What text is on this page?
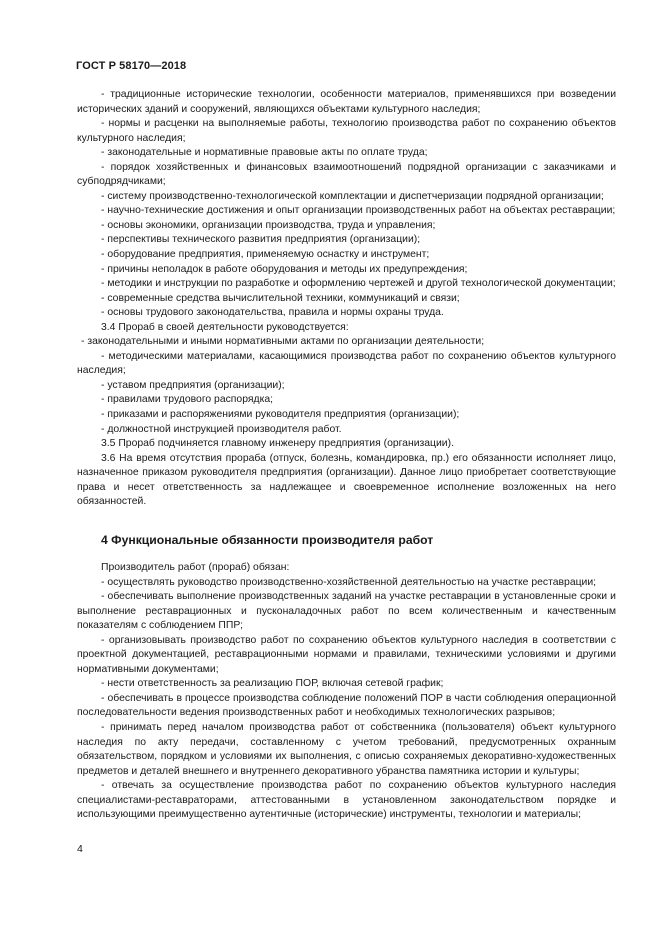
ГОСТ Р 58170—2018

- традиционные исторические технологии, особенности материалов, применявшихся при возведении исторических зданий и сооружений, являющихся объектами культурного наследия;

- нормы и расценки на выполняемые работы, технологию производства работ по сохранению объектов культурного наследия;

- законодательные и нормативные правовые акты по оплате труда;

- порядок хозяйственных и финансовых взаимоотношений подрядной организации с заказчиками и субподрядчиками;

- систему производственно-технологической комплектации и диспетчеризации подрядной организации;

- научно-технические достижения и опыт организации производственных работ на объектах реставрации;

- основы экономики, организации производства, труда и управления;

- перспективы технического развития предприятия (организации);

- оборудование предприятия, применяемую оснастку и инструмент;

- причины неполадок в работе оборудования и методы их предупреждения;

- методики и инструкции по разработке и оформлению чертежей и другой технологической документации;

- современные средства вычислительной техники, коммуникаций и связи;

- основы трудового законодательства, правила и нормы охраны труда.

3.4 Прораб в своей деятельности руководствуется:

- законодательными и иными нормативными актами по организации деятельности;

- методическими материалами, касающимися производства работ по сохранению объектов культурного наследия;

- уставом предприятия (организации);

- правилами трудового распорядка;

- приказами и распоряжениями руководителя предприятия (организации);

- должностной инструкцией производителя работ.

3.5 Прораб подчиняется главному инженеру предприятия (организации).

3.6 На время отсутствия прораба (отпуск, болезнь, командировка, пр.) его обязанности исполняет лицо, назначенное приказом руководителя предприятия (организации). Данное лицо приобретает соответствующие права и несет ответственность за надлежащее и своевременное исполнение возложенных на него обязанностей.

4 Функциональные обязанности производителя работ

Производитель работ (прораб) обязан:

- осуществлять руководство производственно-хозяйственной деятельностью на участке реставрации;

- обеспечивать выполнение производственных заданий на участке реставрации в установленные сроки и выполнение реставрационных и пусконаладочных работ по всем количественным и качественным показателям с соблюдением ППР;

- организовывать производство работ по сохранению объектов культурного наследия в соответствии с проектной документацией, реставрационными нормами и правилами, техническими условиями и другими нормативными документами;

- нести ответственность за реализацию ПОР, включая сетевой график;

- обеспечивать в процессе производства соблюдение положений ПОР в части соблюдения операционной последовательности ведения производственных работ и необходимых технологических разрывов;

- принимать перед началом производства работ от собственника (пользователя) объект культурного наследия по акту передачи, составленному с учетом требований, предусмотренных охранным обязательством, порядком и условиями их выполнения, с описью сохраняемых декоративно-художественных предметов и деталей внешнего и внутреннего декоративного убранства памятника истории и культуры;

- отвечать за осуществление производства работ по сохранению объектов культурного наследия специалистами-реставраторами, аттестованными в установленном законодательством порядке и использующими преимущественно аутентичные (исторические) инструменты, технологии и материалы;

4
